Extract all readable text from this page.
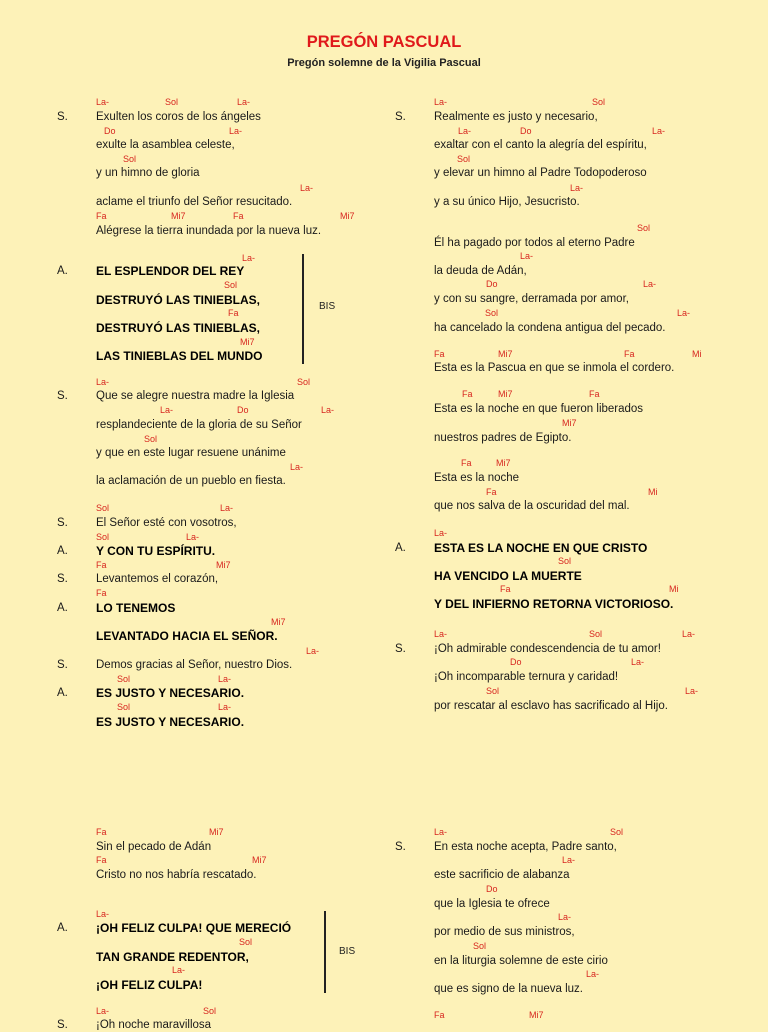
PREGÓN PASCUAL
Pregón solemne de la Vigilia Pascual
La-	Sol	La-
S. Exulten los coros de los ángeles
Do	La-
exulte la asamblea celeste,
Sol
y un himno de gloria
La-
aclame el triunfo del Señor resucitado.
Fa	Mi7	Fa	Mi7
Alégrese la tierra inundada por la nueva luz.
La-
A. EL ESPLENDOR DEL REY
Sol
DESTRUYÓ LAS TINIEBLAS,
Fa
DESTRUYÓ LAS TINIEBLAS,
Mi7
LAS TINIEBLAS DEL MUNDO
BIS
La-	Sol
S. Que se alegre nuestra madre la Iglesia
La-	Do	La-
resplandeciente de la gloria de su Señor
Sol
y que en este lugar resuene unánime
La-
la aclamación de un pueblo en fiesta.
Sol	La-
S. El Señor esté con vosotros,
Sol	La-
A. Y CON TU ESPÍRITU.
Fa	Mi7
S. Levantemos el corazón,
Fa
A. LO TENEMOS
Mi7
LEVANTADO HACIA EL SEÑOR.
La-
S. Demos gracias al Señor, nuestro Dios.
Sol	La-
A. ES JUSTO Y NECESARIO.
Sol	La-
ES JUSTO Y NECESARIO.
Fa	Mi7
Sin el pecado de Adán
Fa	Mi7
Cristo no nos habría rescatado.
La-
A. ¡OH FELIZ CULPA! QUE MERECIÓ
Sol
TAN GRANDE REDENTOR,
La-
¡OH FELIZ CULPA!
BIS
La-	Sol
S. ¡Oh noche maravillosa
La-	Sol
S. Realmente es justo y necesario,
La-	Do	La-
exaltar con el canto la alegría del espíritu,
Sol
y elevar un himno al Padre Todopoderoso
La-
y a su único Hijo, Jesucristo.
Sol
Él ha pagado por todos al eterno Padre
La-
la deuda de Adán,
Do	La-
y con su sangre, derramada por amor,
Sol	La-
ha cancelado la condena antigua del pecado.
Fa	Mi7	Fa	Mi
Esta es la Pascua en que se inmola el cordero.
Fa	Mi7	Fa
Esta es la noche en que fueron liberados
Mi7
nuestros padres de Egipto.
Fa	Mi7
Esta es la noche
Fa	Mi
que nos salva de la oscuridad del mal.
La-
A. ESTA ES LA NOCHE EN QUE CRISTO
Sol
HA VENCIDO LA MUERTE
Fa	Mi
Y DEL INFIERNO RETORNA VICTORIOSO.
La-	Sol	La-
S. ¡Oh admirable condescendencia de tu amor!
Do	La-
¡Oh incomparable ternura y caridad!
Sol	La-
por rescatar al esclavo has sacrificado al Hijo.
La-	Sol
S. En esta noche acepta, Padre santo,
La-
este sacrificio de alabanza
Do
que la Iglesia te ofrece
La-
por medio de sus ministros,
Sol
en la liturgia solemne de este cirio
La-
que es signo de la nueva luz.
Fa	Mi7
